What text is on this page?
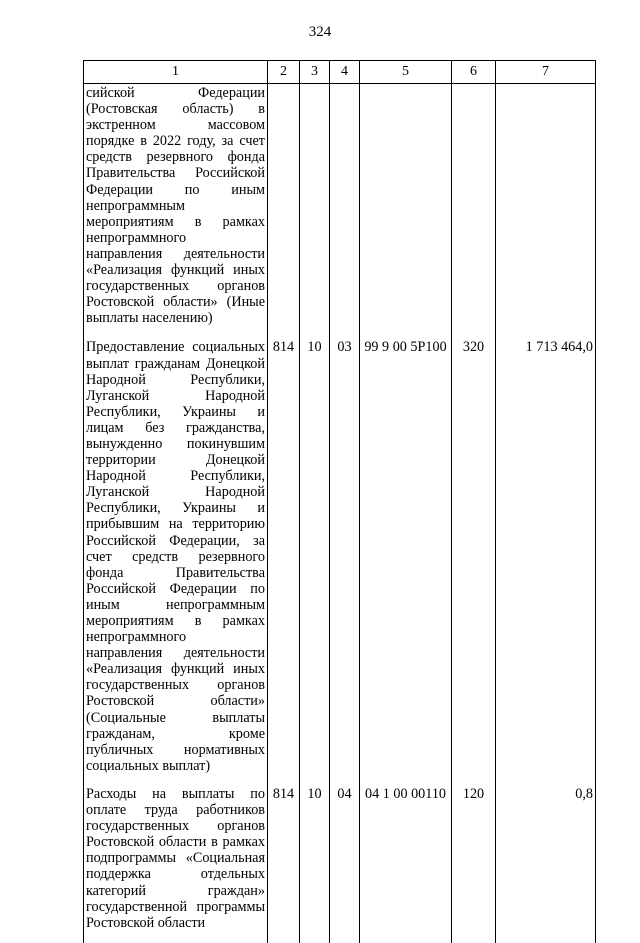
324
1	2	3	4	5	6	7
сийской Федерации (Ростовская область) в экстренном массовом порядке в 2022 году, за счет средств резервного фонда Правительства Российской Федерации по иным непрограммным мероприятиям в рамках непрограммного направления деятельности «Реализация функций иных государственных органов Ростовской области» (Иные выплаты населению)						
Предоставление социальных выплат гражданам Донецкой Народной Республики, Луганской Народной Республики, Украины и лицам без гражданства, вынужденно покинувшим территории Донецкой Народной Республики, Луганской Народной Республики, Украины и прибывшим на территорию Российской Федерации, за счет средств резервного фонда Правительства Российской Федерации по иным непрограммным мероприятиям в рамках непрограммного направления деятельности «Реализация функций иных государственных органов Ростовской области» (Социальные выплаты гражданам, кроме публичных нормативных социальных выплат)	814	10	03	99 9 00 5Р100	320	1 713 464,0
Расходы на выплаты по оплате труда работников государственных органов Ростовской области в рамках подпрограммы «Социальная поддержка отдельных категорий граждан» государственной программы Ростовской области	814	10	04	04 1 00 00110	120	0,8
